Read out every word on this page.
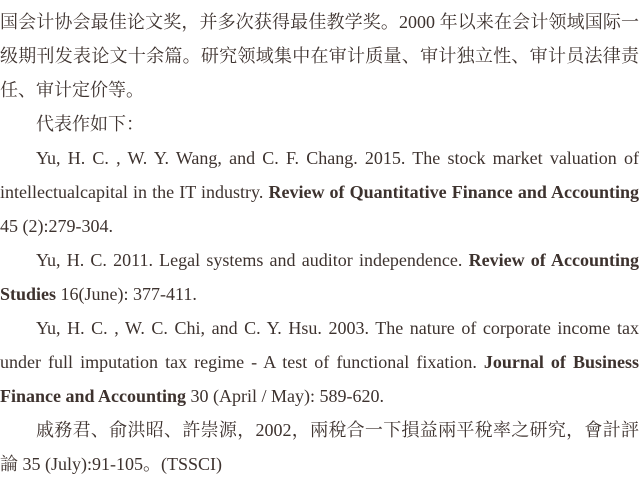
国会计协会最佳论文奖，并多次获得最佳教学奖。2000 年以来在会计领域国际一级期刊发表论文十余篇。研究领域集中在审计质量、审计独立性、审计员法律责任、审计定价等。

代表作如下：

Yu, H. C. , W. Y. Wang, and C. F. Chang. 2015. The stock market valuation of intellectualcapital in the IT industry. Review of Quantitative Finance and Accounting 45 (2):279-304.

Yu, H. C. 2011. Legal systems and auditor independence. Review of Accounting Studies 16(June): 377-411.

Yu, H. C. , W. C. Chi, and C. Y. Hsu. 2003. The nature of corporate income tax under full imputation tax regime - A test of functional fixation. Journal of Business Finance and Accounting 30 (April / May): 589-620.

戚務君、俞洪昭、許崇源，2002，兩稅合一下損益兩平稅率之研究，會計評論 35 (July):91-105。(TSSCI)
